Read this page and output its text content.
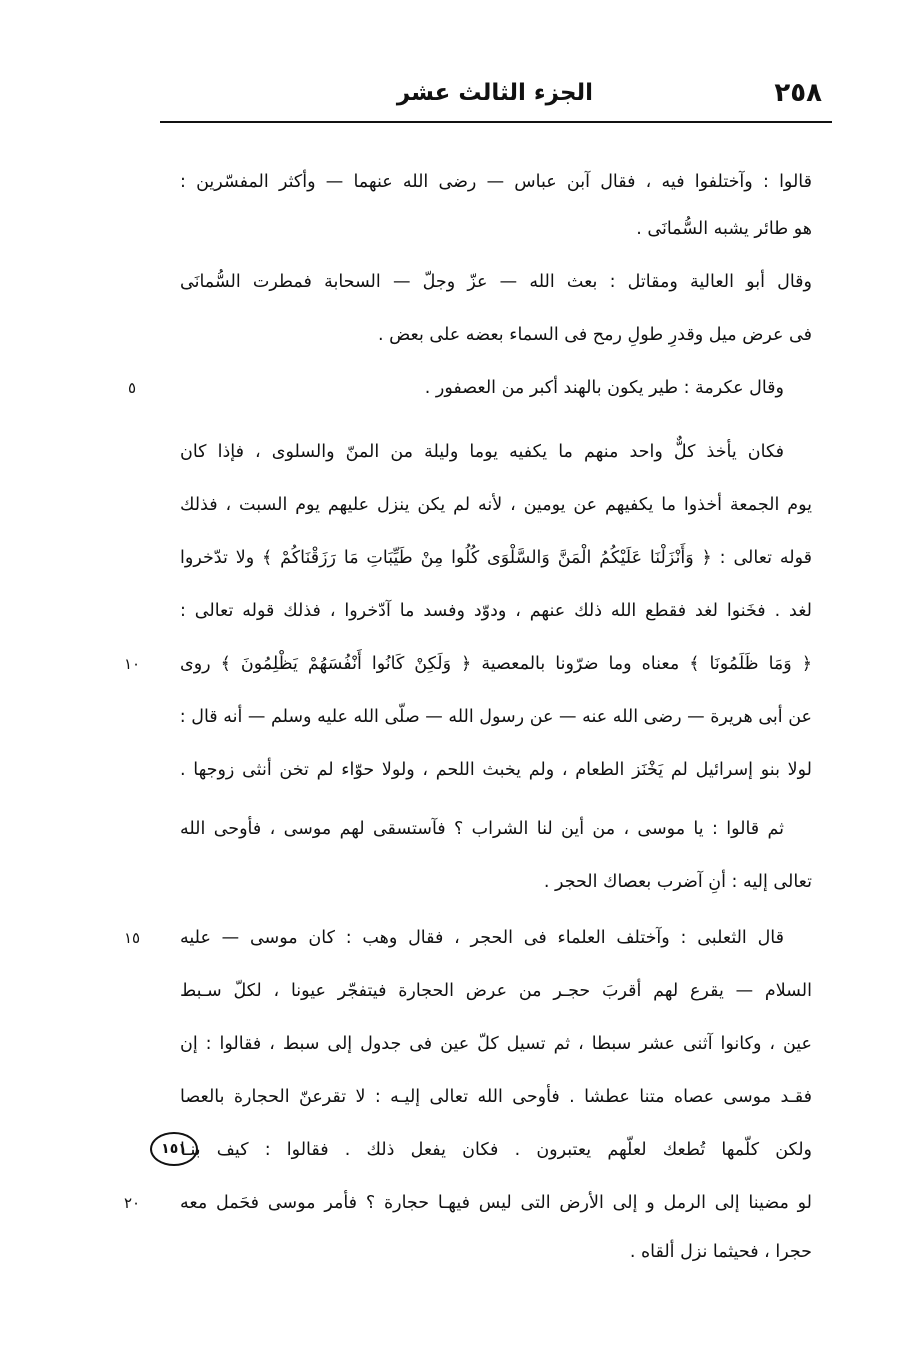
٢٥٨
الجزء الثالث عشر
قالوا : وآختلفوا فيه ، فقال آبن عباس — رضى الله عنهما — وأكثر المفسّرين :
هو طائر يشبه السُّمانَى .
وقال أبو العالية ومقاتل : بعث الله — عزّ وجلّ — السحابة فمطرت السُّمانَى
فى عرض ميل وقدرِ طولِ رمح فى السماء بعضه على بعض .
وقال عكرمة : طير يكون بالهند أكبر من العصفور .
فكان يأخذ كلٌّ واحد منهم ما يكفيه يوما وليلة من المنّ والسلوى ، فإذا كان
يوم الجمعة أخذوا ما يكفيهم عن يومين ، لأنه لم يكن ينزل عليهم يوم السبت ، فذلك
قوله تعالى : ﴿ وَأَنْزَلْنَا عَلَيْكُمُ الْمَنَّ وَالسَّلْوَى كُلُوا مِنْ طَيِّبَاتِ مَا رَزَقْنَاكُمْ ﴾ ولا تدّخروا
لغد . فخَنوا لغد فقطع الله ذلك عنهم ، ودوّد وفسد ما آدّخروا ، فذلك قوله تعالى :
﴿ وَمَا ظَلَمُونَا ﴾ معناه وما ضرّونا بالمعصية ﴿ وَلَكِنْ كَانُوا أَنْفُسَهُمْ يَظْلِمُونَ ﴾ روى
عن أبى هريرة — رضى الله عنه — عن رسول الله — صلّى الله عليه وسلم — أنه قال :
لولا بنو إسرائيل لم يَخْنَز الطعام ، ولم يخبث اللحم ، ولولا حوّاء لم تخن أنثى زوجها .
ثم قالوا : يا موسى ، من أين لنا الشراب ؟ فآستسقى لهم موسى ، فأوحى الله
تعالى إليه : أنِ آضرب بعصاك الحجر .
قال الثعلبى : وآختلف العلماء فى الحجر ، فقال وهب : كان موسى — عليه
السلام — يقرع لهم أقربَ حجـر من عرض الحجارة فيتفجّر عيونا ، لكلّ سـبط
عين ، وكانوا آثنى عشر سبطا ، ثم تسيل كلّ عين فى جدول إلى سبط ، فقالوا : إن
فقـد موسى عصاه متنا عطشا . فأوحى الله تعالى إليـه : لا تقرعنّ الحجارة بالعصا
ولكن كلّمها تُطعك لعلّهم يعتبرون . فكان يفعل ذلك . فقالوا : كيف بنـا
لو مضينا إلى الرمل و إلى الأرض التى ليس فيهـا حجارة ؟ فأمر موسى فحَمل معه
حجرا ، فحيثما نزل ألقاه .
٥
١٠
١٥
٢٠
١٥١
